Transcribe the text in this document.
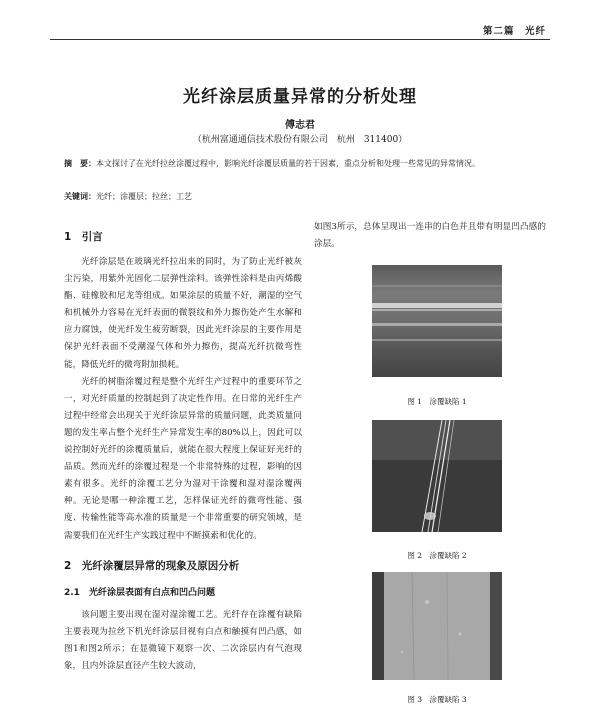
第二篇　光纤
光纤涂层质量异常的分析处理
傅志君
（杭州富通通信技术股份有限公司　杭州　311400）
摘　要：本文探讨了在光纤拉丝涂覆过程中，影响光纤涂覆层质量的若干因素，重点分析和处理一些常见的异常情况。
关键词：光纤；涂覆层；拉丝；工艺
1　引言

光纤涂层是在玻璃光纤拉出来的同时，为了防止光纤被灰尘污染，用紫外光固化二层弹性涂料。该弹性涂料是由丙烯酸酯、硅橡胶和尼龙等组成。如果涂层的质量不好，潮湿的空气和机械外力容易在光纤表面的微裂纹和外力擦伤处产生水解和应力腐蚀，使光纤发生疲劳断裂，因此光纤涂层的主要作用是保护光纤表面不受潮湿气体和外力擦伤，提高光纤抗微弯性能，降低光纤的微弯附加损耗。

光纤的树脂涂覆过程是整个光纤生产过程中的重要环节之一，对光纤质量的控制起到了决定性作用。在日常的光纤生产过程中经常会出现关于光纤涂层异常的质量问题，此类质量问题的发生率占整个光纤生产异常发生率的80%以上，因此可以说控制好光纤的涂覆质量后，就能在很大程度上保证好光纤的品质。然而光纤的涂覆过程是一个非常特殊的过程，影响的因素有很多。光纤的涂覆工艺分为湿对干涂覆和湿对湿涂覆两种。无论是哪一种涂覆工艺，怎样保证光纤的微弯性能、强度、传输性能等高水准的质量是一个非常重要的研究领域，是需要我们在光纤生产实践过程中不断摸索和优化的。

2　光纤涂覆层异常的现象及原因分析
2.1　光纤涂层表面有白点和凹凸问题

该问题主要出现在湿对湿涂覆工艺。光纤存在涂覆有缺陷主要表现为拉丝下机光纤涂层目视有白点和触摸有凹凸感，如图1和图2所示；在显微镜下观察一次、二次涂层内有气泡现象，且内外涂层直径产生较大波动，

如图3所示，总体呈现出一连串的白色并且带有明显凹凸感的涂层。

图 1　涂覆缺陷 1
图 2　涂覆缺陷 2
图 3　涂覆缺陷 3
